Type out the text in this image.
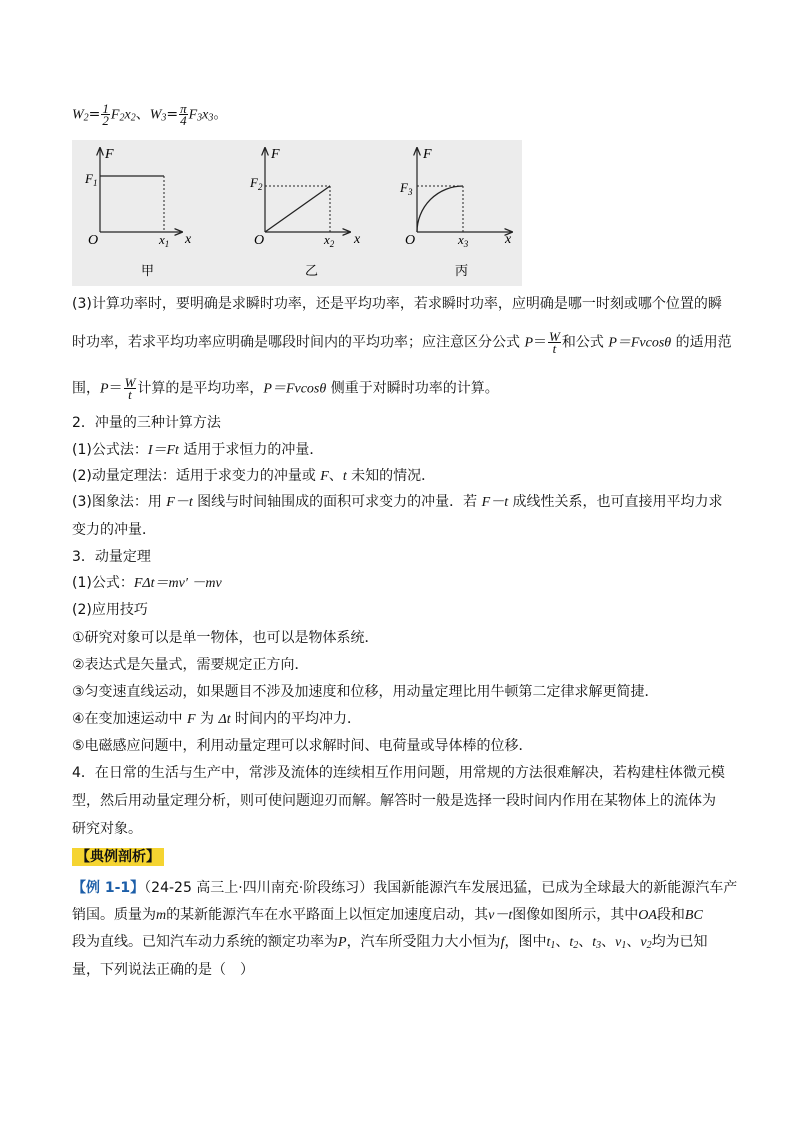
$W_2= \frac{1}{2} F_2x_2$、$W_3= \frac{\pi}{4} F_3x_3$。
F
x
O
$F_1$
$x_1$
甲
F
x
O
$F_2$
$x_2$
乙
F
x
O
$F_3$
$x_3$
丙
(3)计算功率时，要明确是求瞬时功率，还是平均功率，若求瞬时功率，应明确是哪一时刻或哪个位置的瞬
时功率，若求平均功率应明确是哪段时间内的平均功率；应注意区分公式 $P= \frac{W}{t}$ 和公式 P＝Fvcosθ 的适用范
围，$P= \frac{W}{t}$ 计算的是平均功率，P＝Fvcosθ 侧重于对瞬时功率的计算。
2．冲量的三种计算方法
(1)公式法：I＝Ft 适用于求恒力的冲量．
(2)动量定理法：适用于求变力的冲量或 F、t 未知的情况．
(3)图象法：用 F－t 图线与时间轴围成的面积可求变力的冲量．若 F－t 成线性关系，也可直接用平均力求
变力的冲量．
3．动量定理
(1)公式：FΔt＝mv′ －mv
(2)应用技巧
①研究对象可以是单一物体，也可以是物体系统．
②表达式是矢量式，需要规定正方向．
③匀变速直线运动，如果题目不涉及加速度和位移，用动量定理比用牛顿第二定律求解更简捷．
④在变加速运动中 F 为 Δt 时间内的平均冲力．
⑤电磁感应问题中，利用动量定理可以求解时间、电荷量或导体棒的位移．
4．在日常的生活与生产中，常涉及流体的连续相互作用问题，用常规的方法很难解决，若构建柱体微元模
型，然后用动量定理分析，则可使问题迎刃而解。解答时一般是选择一段时间内作用在某物体上的流体为
研究对象。
【典例剖析】
【例 1-1】（24-25 高三上·四川南充·阶段练习）我国新能源汽车发展迅猛，已成为全球最大的新能源汽车产
销国。质量为m的某新能源汽车在水平路面上以恒定加速度启动，其v－t图像如图所示，其中OA段和BC
段为直线。已知汽车动力系统的额定功率为P，汽车所受阻力大小恒为f，图中$t_1$、$t_2$、$t_3$、$v_1$、$v_2$均为已知
量，下列说法正确的是（　）
